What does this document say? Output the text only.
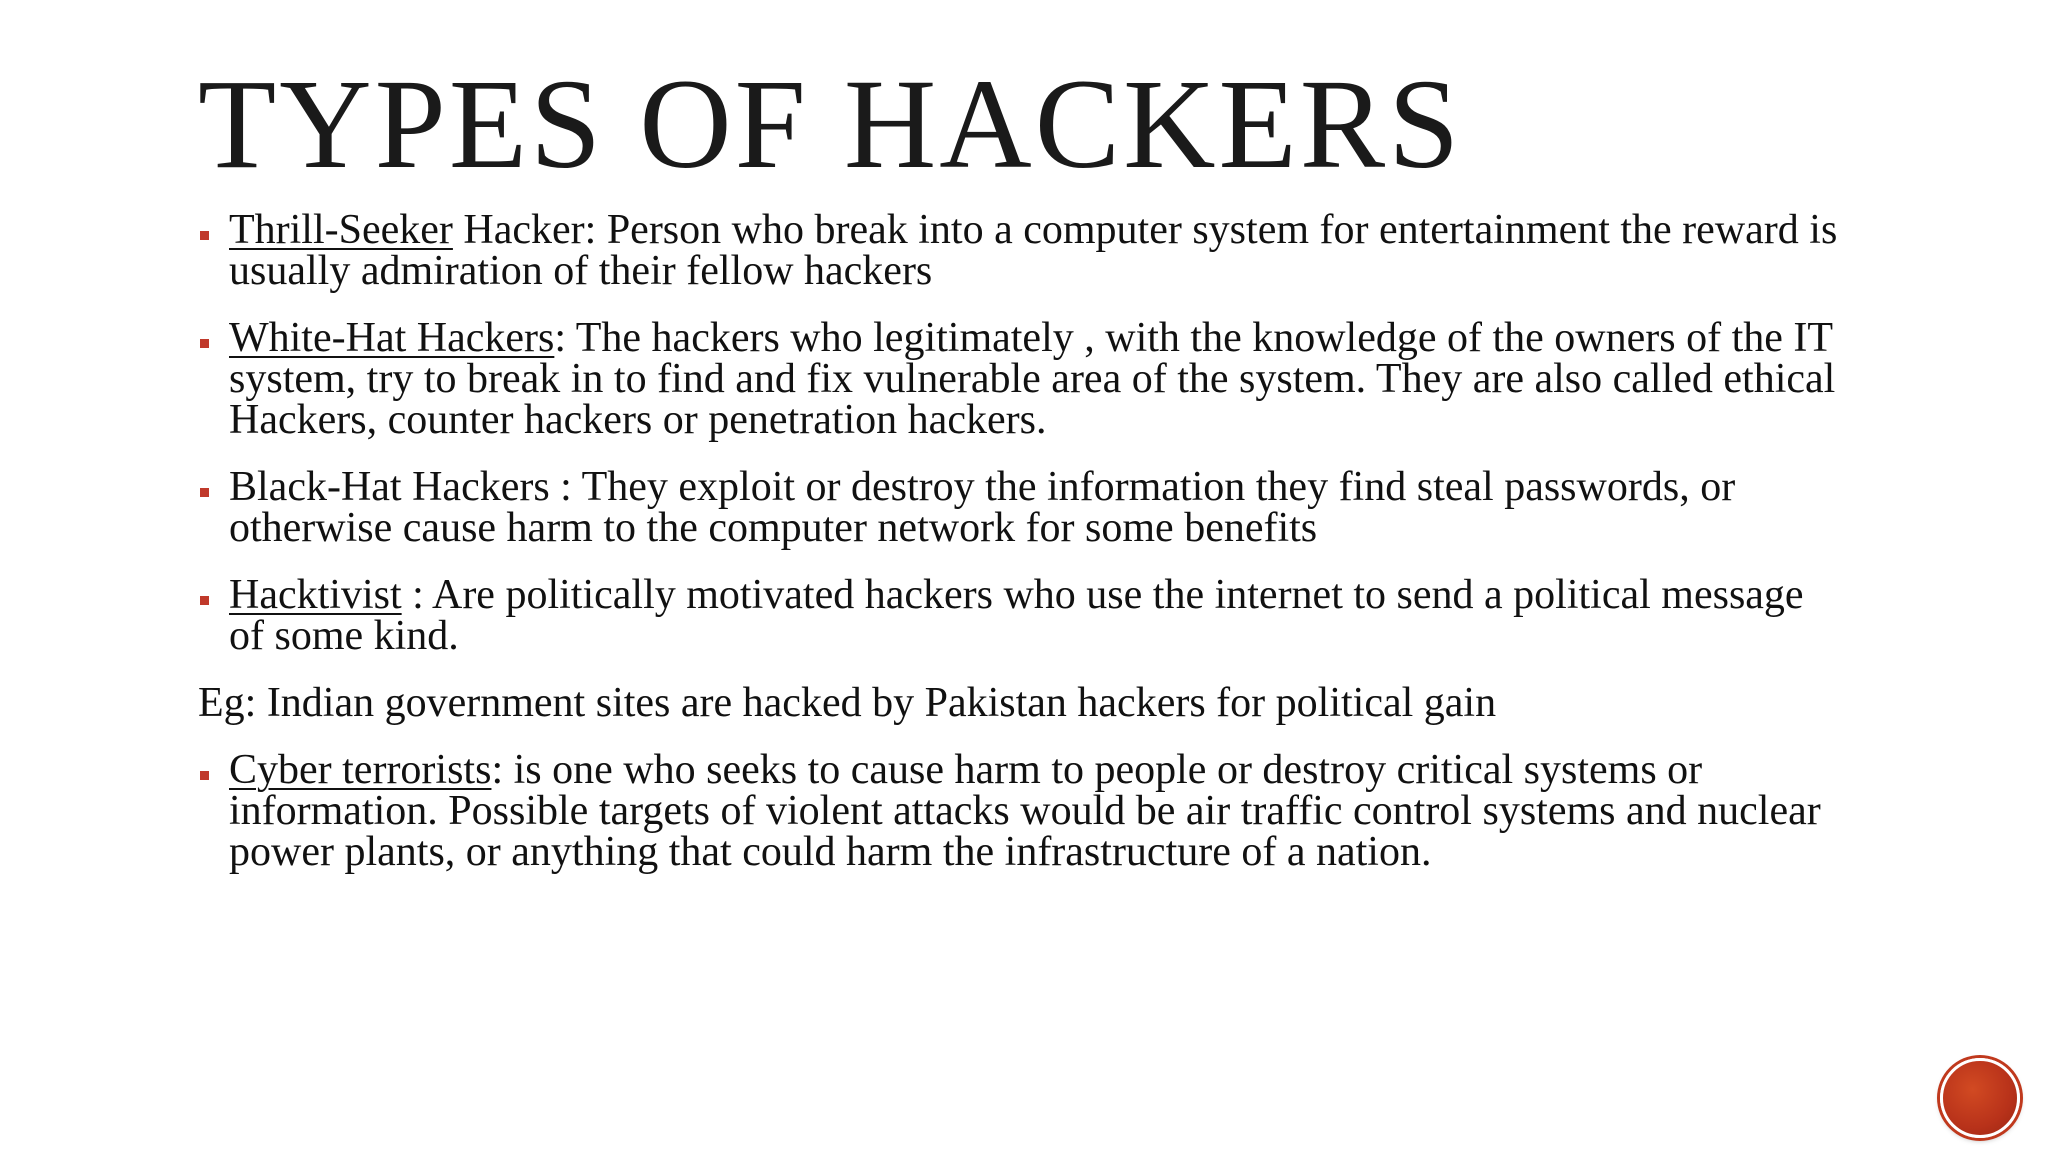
TYPES OF HACKERS
Thrill-Seeker Hacker: Person who break into a computer system for entertainment the reward is usually admiration of their fellow hackers
White-Hat Hackers: The hackers who legitimately , with the knowledge of the owners of the IT system, try to break in to find and fix vulnerable area of the system. They are also called ethical Hackers, counter hackers or penetration hackers.
Black-Hat Hackers : They exploit or destroy the information they find steal passwords, or otherwise cause harm to the computer network for some benefits
Hacktivist : Are politically motivated hackers who use the internet to send a political message of some kind.
Eg: Indian government sites are hacked by Pakistan hackers for political gain
Cyber terrorists: is one who seeks to cause harm to people or destroy critical systems or information. Possible targets of violent attacks would be air traffic control systems and nuclear power plants, or anything that could harm the infrastructure of a nation.
